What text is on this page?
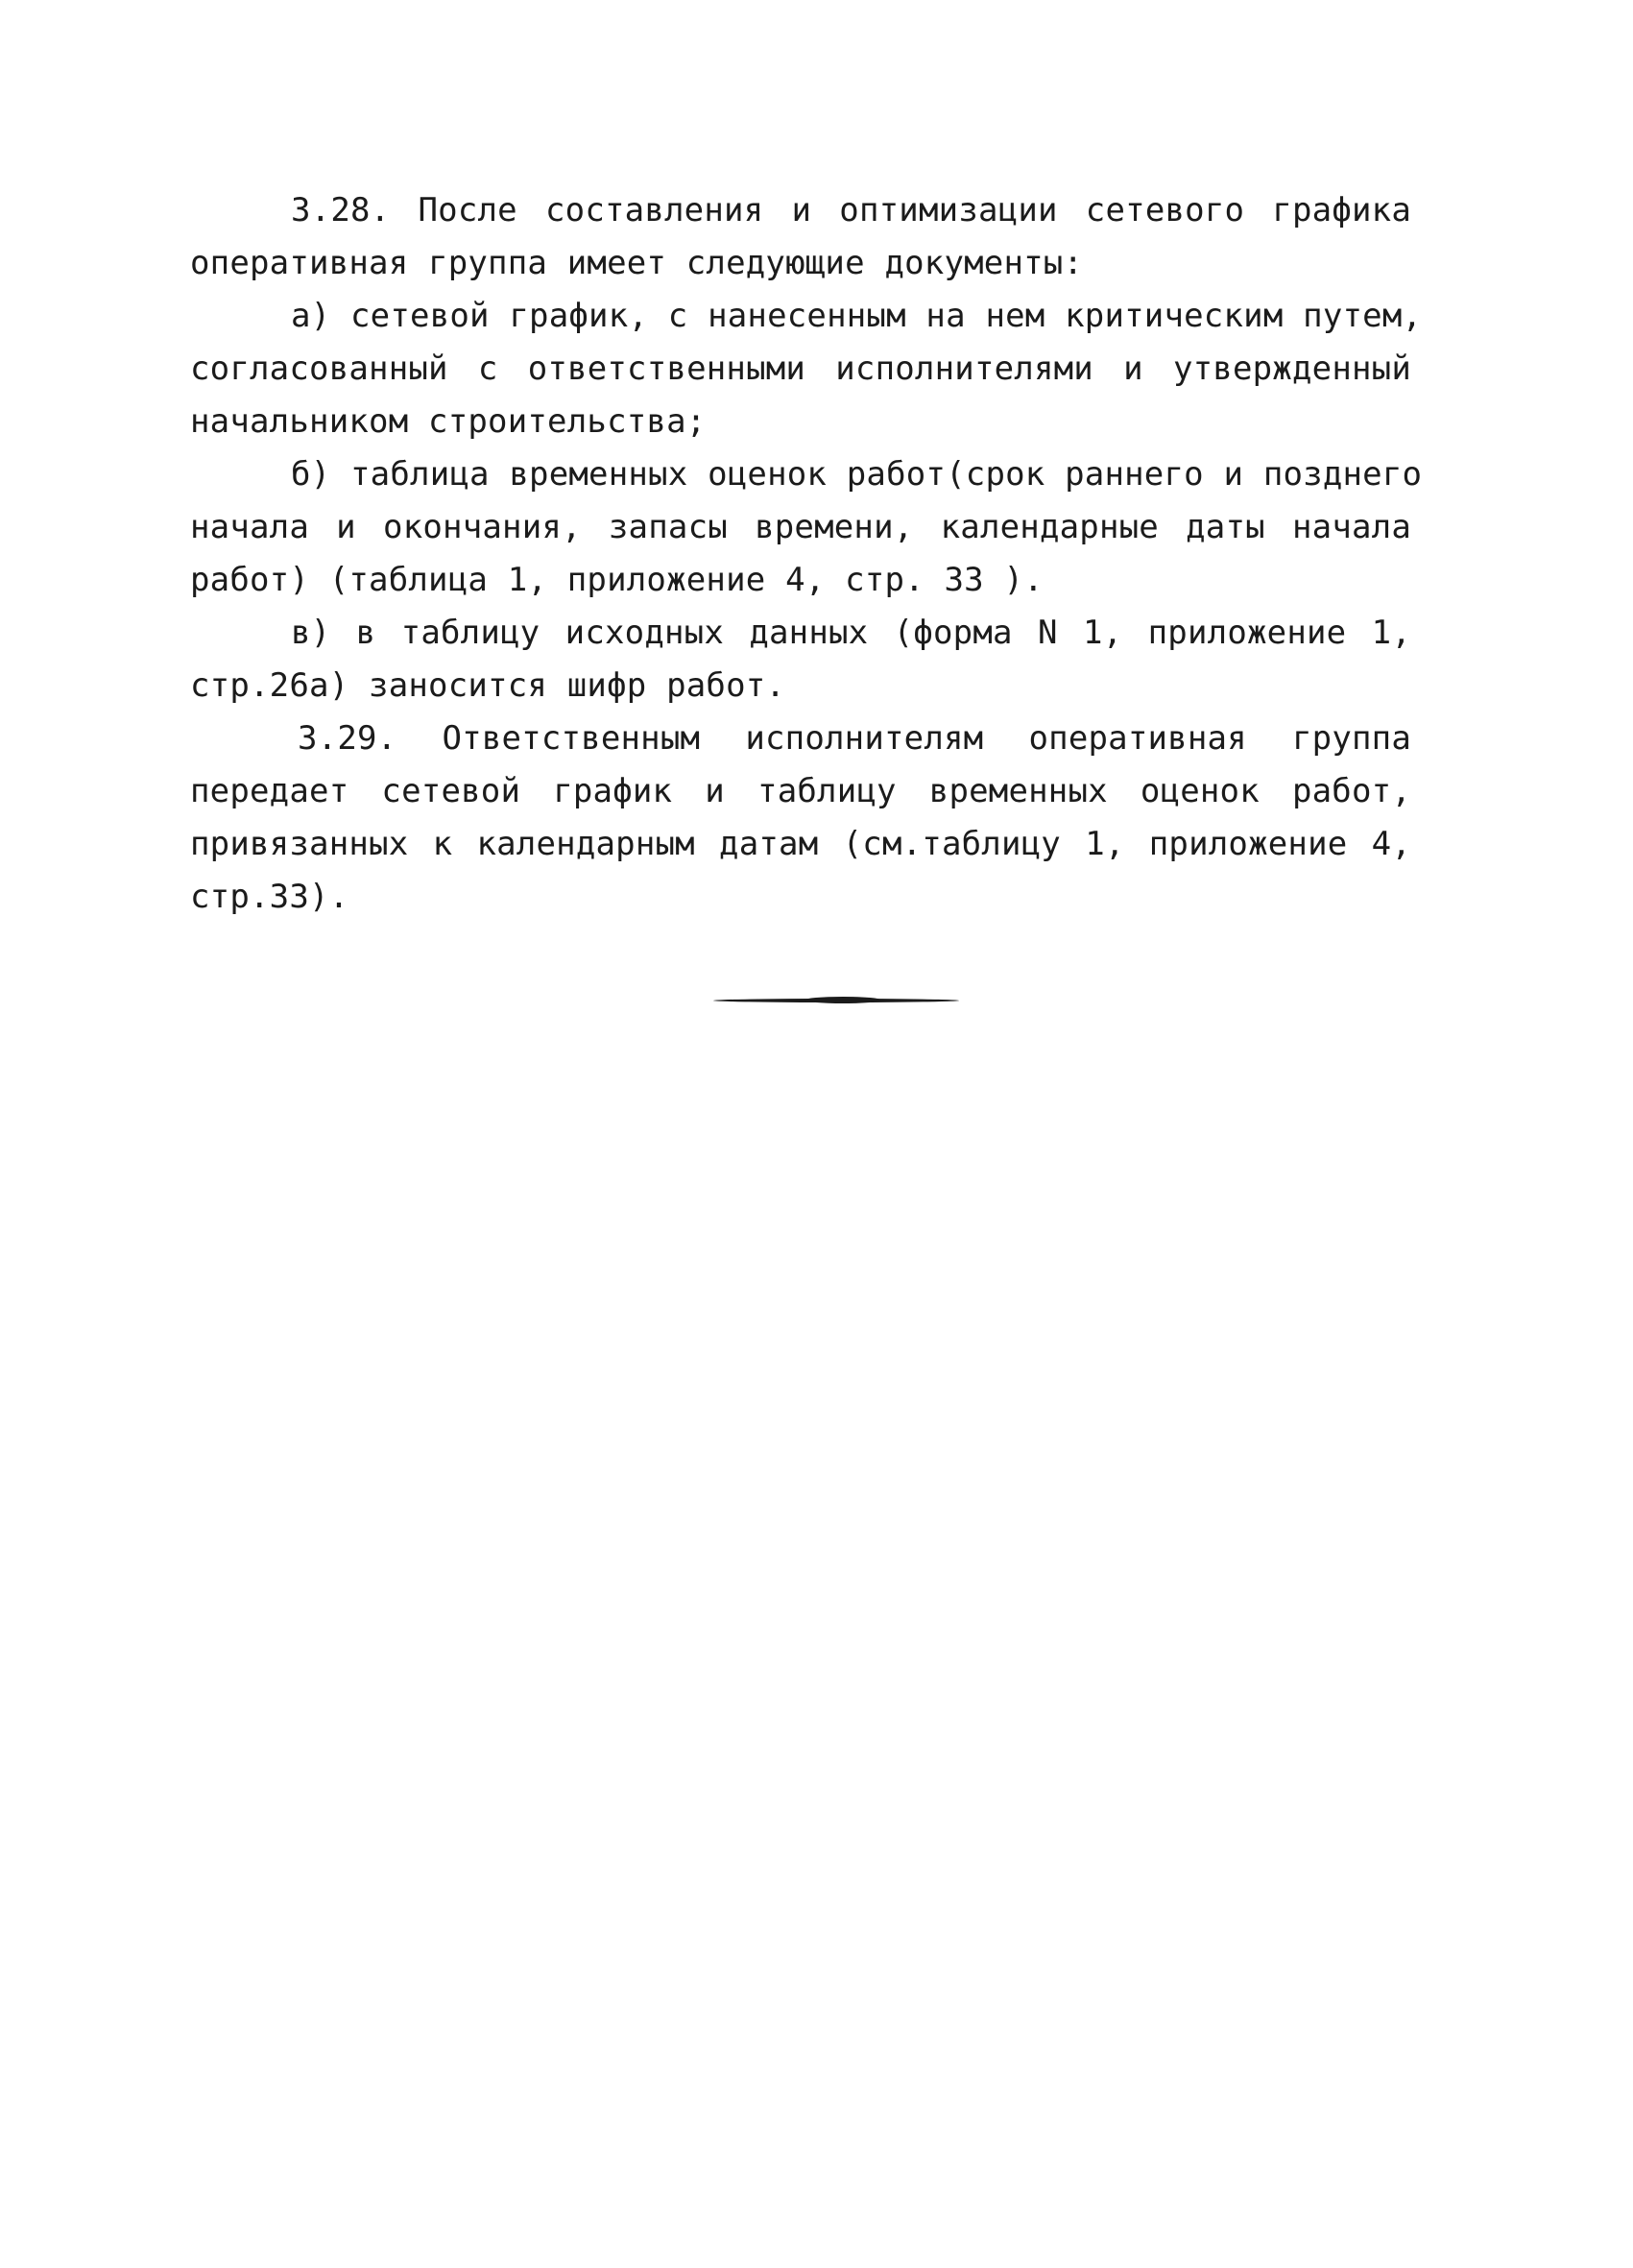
3.28. После составления и оптимизации сетевого графика
оперативная группа имеет следующие документы:
а) сетевой график, с нанесенным на нем критическим путем,
согласованный с ответственными исполнителями и утвержденный
начальником строительства;
б) таблица временных оценок работ(срок раннего и позднего
начала и окончания, запасы времени, календарные даты начала
работ) (таблица 1, приложение 4, стр. 33 ).
в) в таблицу исходных данных (форма N 1, приложение 1,
стр.26а) заносится шифр работ.
3.29. Ответственным исполнителям оперативная группа
передает сетевой график и таблицу временных оценок работ,
привязанных к календарным датам (см.таблицу 1, приложение 4,
стр.33).
